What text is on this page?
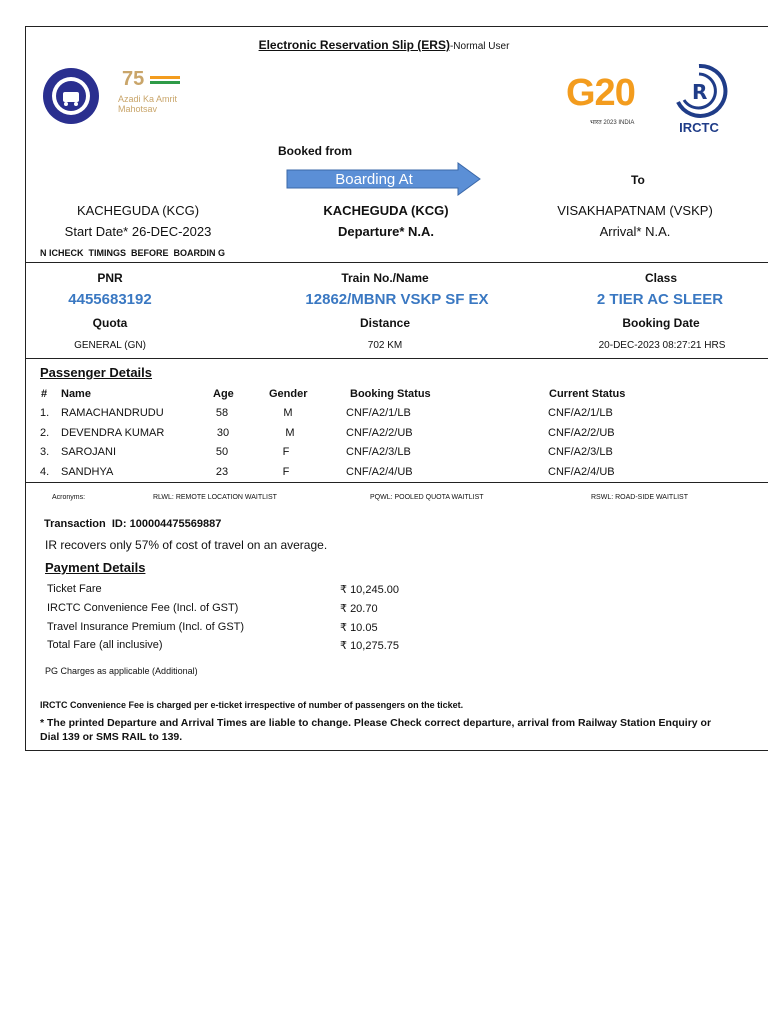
Electronic Reservation Slip (ERS)-Normal User
75
Azadi Ka Amrit Mahotsav	G20
भारत 2023 INDIA
R
IRCTC
Booked from
Boarding At	To
KACHEGUDA (KCG)
Start Date* 26-DEC-2023
KACHEGUDA (KCG)
Departure* N.A.
VISAKHAPATNAM (VSKP)
Arrival* N.A.
N ICHECK  TIMINGS  BEFORE  BOARDIN G
PNR
4455683192
Quota
GENERAL (GN)
Train No./Name
12862/MBNR VSKP SF EX
Distance
702 KM
Class
2 TIER AC SLEER
Booking Date
20-DEC-2023 08:27:21 HRS
Passenger Details
# Name	Age	Gender	Booking Status	Current Status
1. RAMACHANDRUDU	58	M	CNF/A2/1/LB	CNF/A2/1/LB
2. DEVENDRA KUMAR	30	M	CNF/A2/2/UB	CNF/A2/2/UB
3. SAROJANI	50	F	CNF/A2/3/LB	CNF/A2/3/LB
4. SANDHYA	23	F	CNF/A2/4/UB	CNF/A2/4/UB
Acronyms:	RLWL: REMOTE LOCATION WAITLIST	PQWL: POOLED QUOTA WAITLIST	RSWL: ROAD-SIDE WAITLIST
Transaction  ID: 100004475569887
IR recovers only 57% of cost of travel on an average.
Payment Details
Ticket Fare	₹ 10,245.00
IRCTC Convenience Fee (Incl. of GST)	₹ 20.70
Travel Insurance Premium (Incl. of GST)	₹ 10.05
Total Fare (all inclusive)	₹ 10,275.75
PG Charges as applicable (Additional)
IRCTC Convenience Fee is charged per e-ticket irrespective of number of passengers on the ticket.
* The printed Departure and Arrival Times are liable to change. Please Check correct departure, arrival from Railway Station Enquiry or
Dial 139 or SMS RAIL to 139.
